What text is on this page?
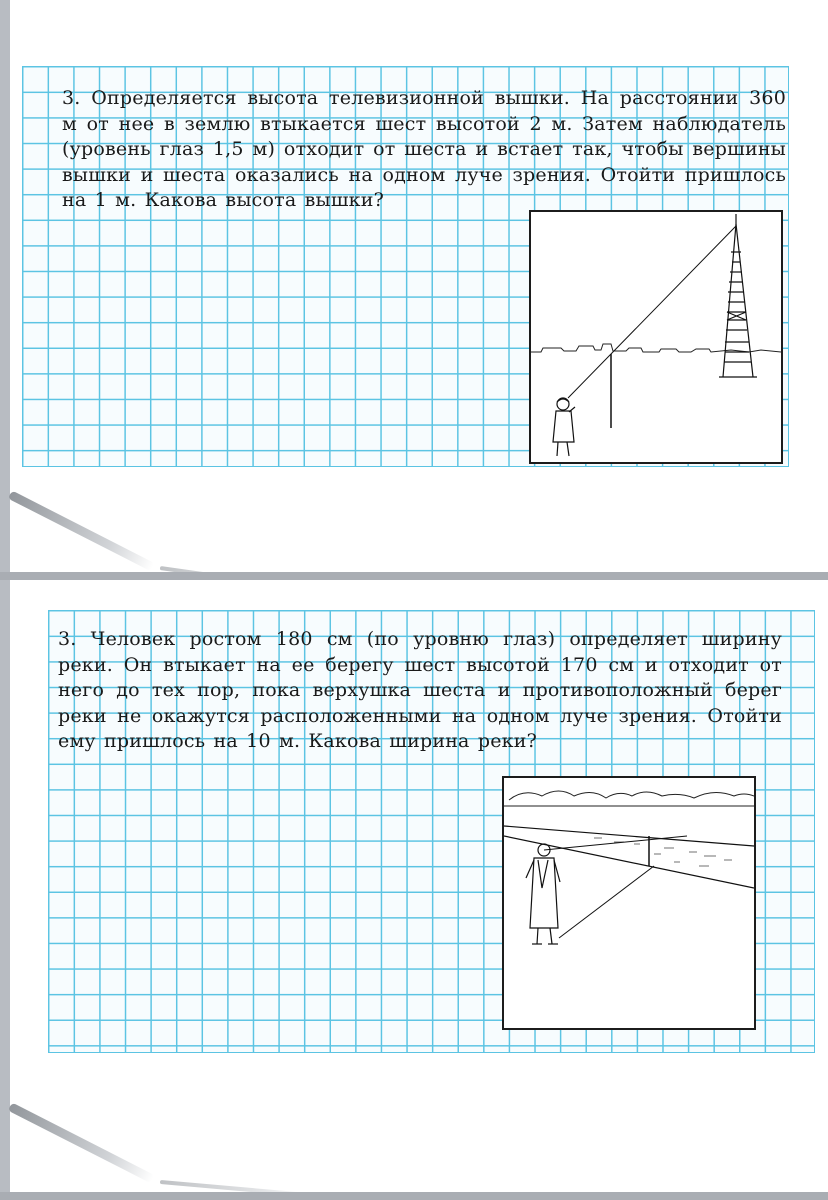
3. Определяется высота телевизионной вышки. На расстоянии 360 м от нее в землю втыкается шест высотой 2 м. Затем наблюдатель (уровень глаз 1,5 м) отходит от шеста и встает так, чтобы вершины вышки и шеста оказались на одном луче зрения. Отойти пришлось на 1 м. Какова высота вышки?
3. Человек ростом 180 см (по уровню глаз) определяет ширину реки. Он втыкает на ее берегу шест высотой 170 см и отходит от него до тех пор, пока верхушка шеста и противоположный берег реки не окажутся расположенными на одном луче зрения. Отойти ему пришлось на 10 м. Какова ширина реки?
